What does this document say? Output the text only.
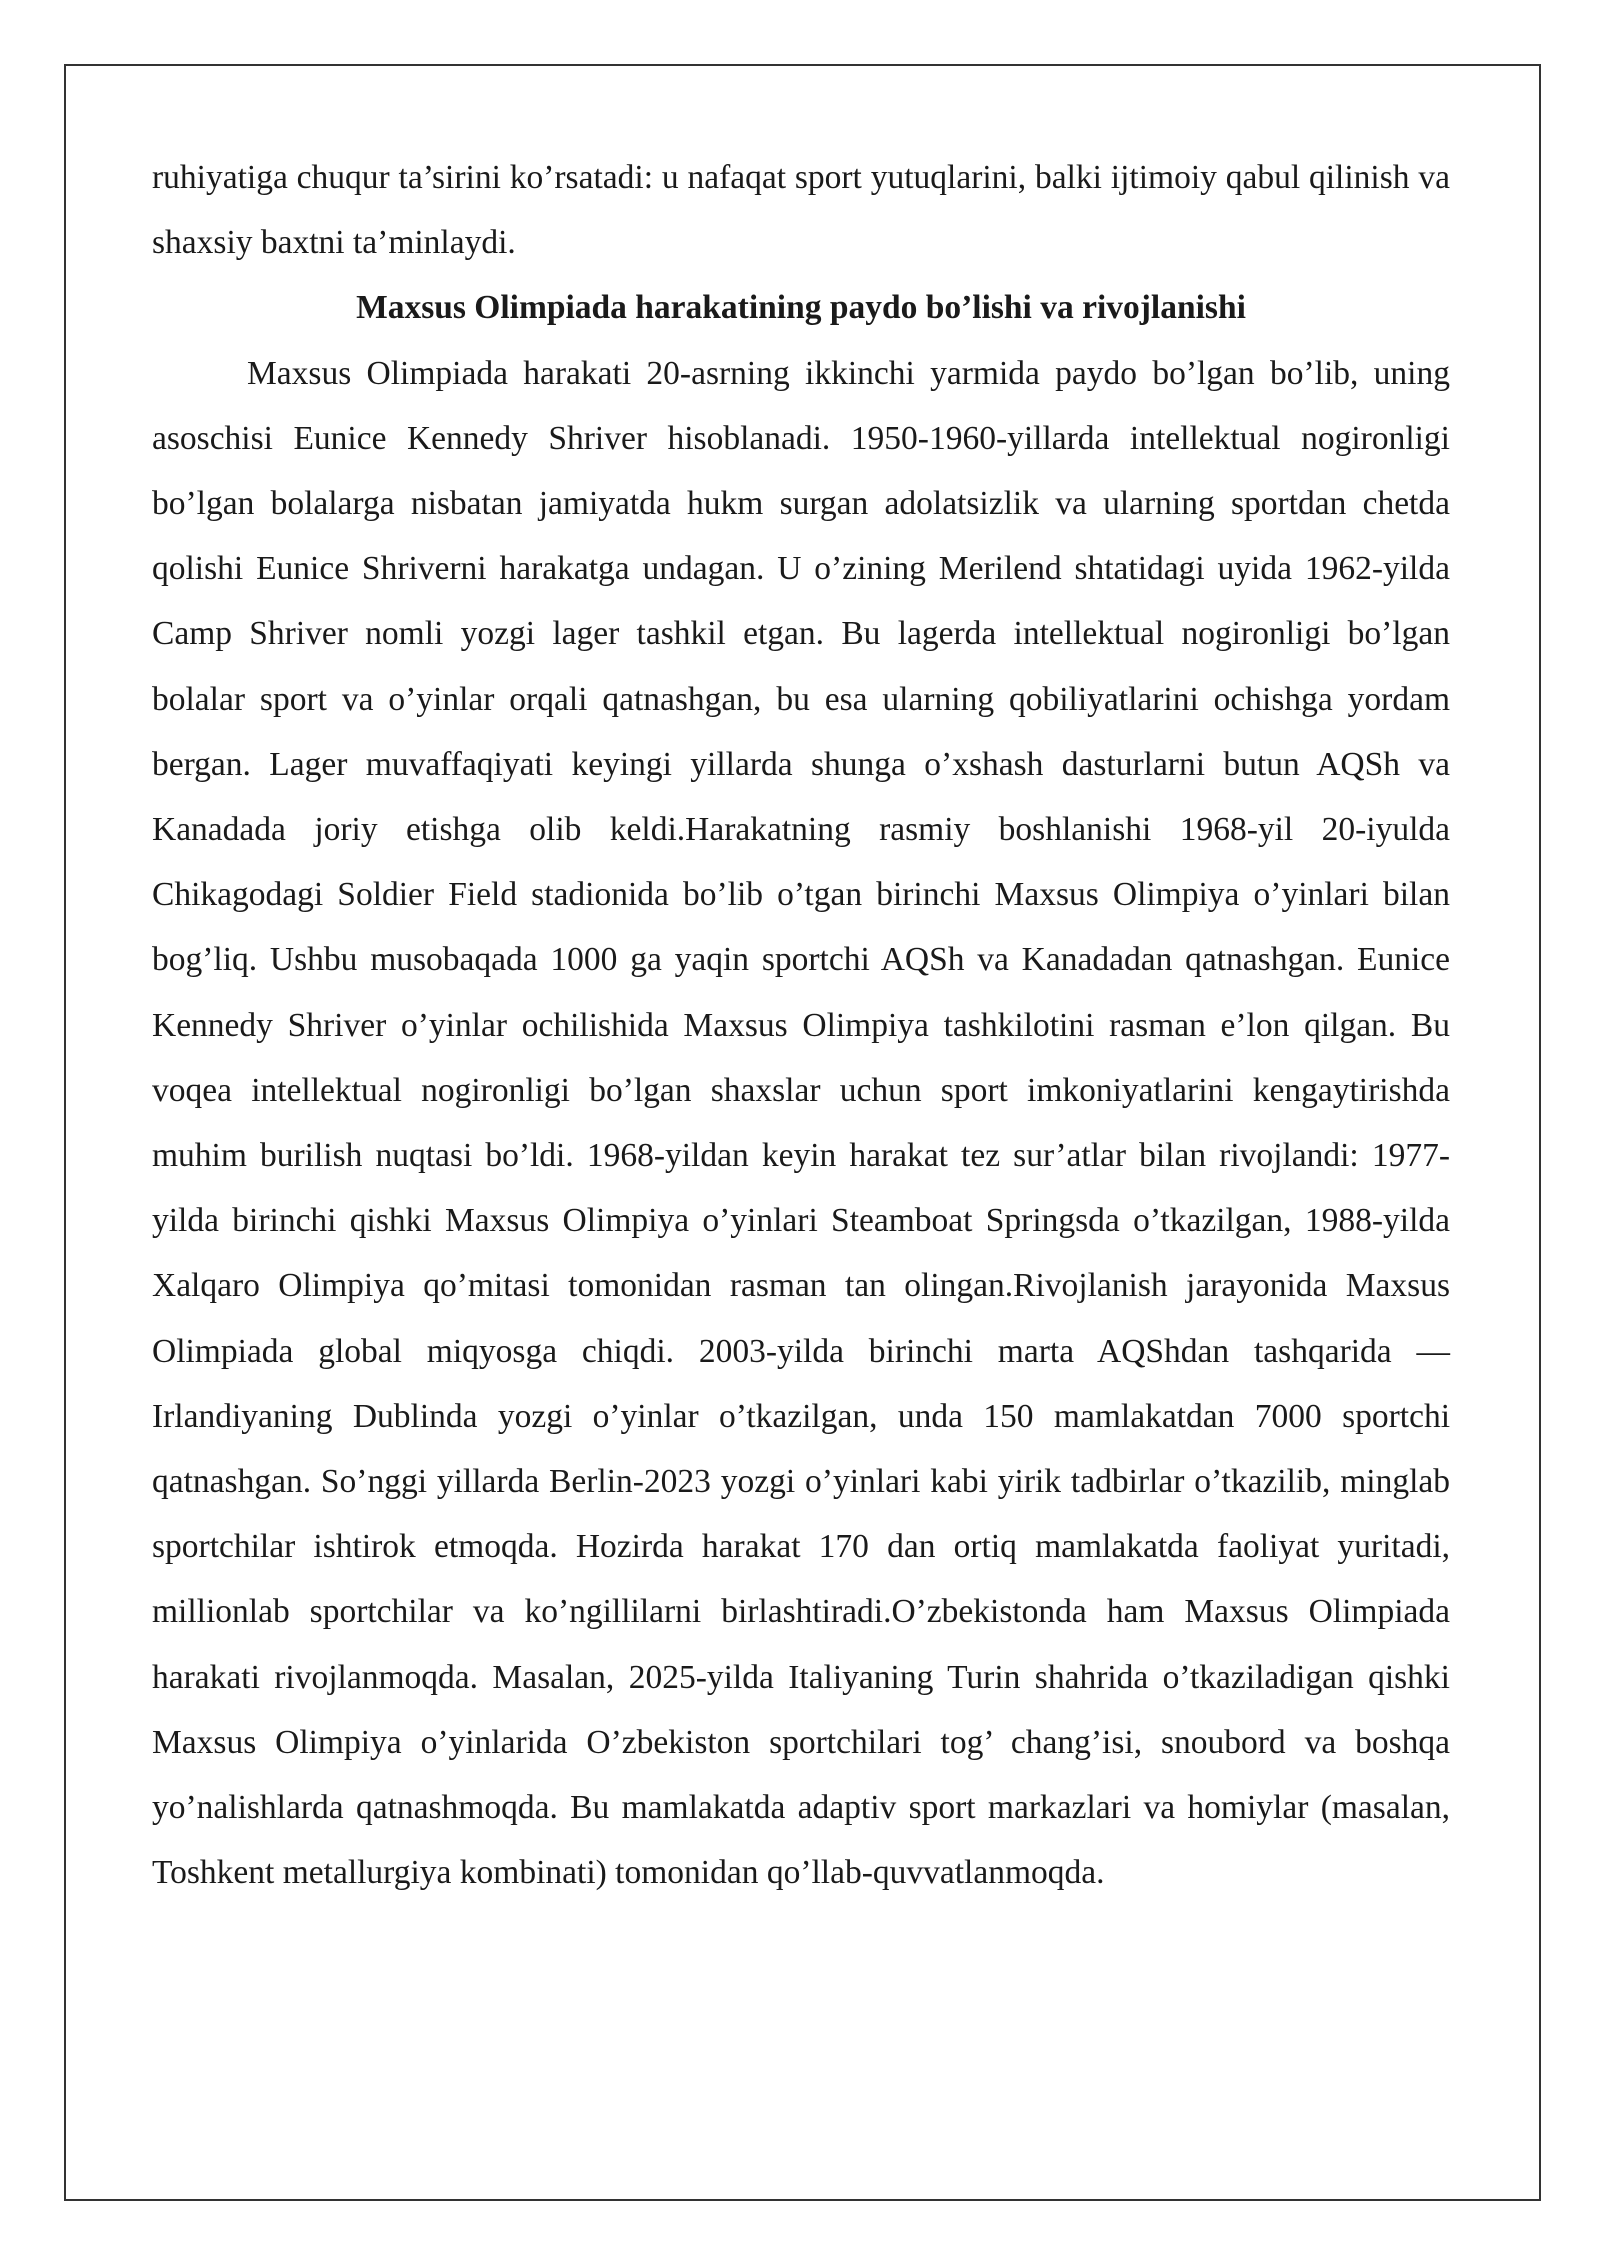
ruhiyatiga chuqur ta’sirini ko’rsatadi: u nafaqat sport yutuqlarini, balki ijtimoiy qabul qilinish va shaxsiy baxtni ta’minlaydi.

Maxsus Olimpiada harakatining paydo bo’lishi va rivojlanishi

Maxsus Olimpiada harakati 20-asrning ikkinchi yarmida paydo bo’lgan bo’lib, uning asoschisi Eunice Kennedy Shriver hisoblanadi. 1950-1960-yillarda intellektual nogironligi bo’lgan bolalarga nisbatan jamiyatda hukm surgan adolatsizlik va ularning sportdan chetda qolishi Eunice Shriverni harakatga undagan. U o’zining Merilend shtatidagi uyida 1962-yilda Camp Shriver nomli yozgi lager tashkil etgan. Bu lagerda intellektual nogironligi bo’lgan bolalar sport va o’yinlar orqali qatnashgan, bu esa ularning qobiliyatlarini ochishga yordam bergan. Lager muvaffaqiyati keyingi yillarda shunga o’xshash dasturlarni butun AQSh va Kanadada joriy etishga olib keldi.Harakatning rasmiy boshlanishi 1968-yil 20-iyulda Chikagodagi Soldier Field stadionida bo’lib o’tgan birinchi Maxsus Olimpiya o’yinlari bilan bog’liq. Ushbu musobaqada 1000 ga yaqin sportchi AQSh va Kanadadan qatnashgan. Eunice Kennedy Shriver o’yinlar ochilishida Maxsus Olimpiya tashkilotini rasman e’lon qilgan. Bu voqea intellektual nogironligi bo’lgan shaxslar uchun sport imkoniyatlarini kengaytirishda muhim burilish nuqtasi bo’ldi. 1968-yildan keyin harakat tez sur’atlar bilan rivojlandi: 1977-yilda birinchi qishki Maxsus Olimpiya o’yinlari Steamboat Springsda o’tkazilgan, 1988-yilda Xalqaro Olimpiya qo’mitasi tomonidan rasman tan olingan.Rivojlanish jarayonida Maxsus Olimpiada global miqyosga chiqdi. 2003-yilda birinchi marta AQShdan tashqarida — Irlandiyaning Dublinda yozgi o’yinlar o’tkazilgan, unda 150 mamlakatdan 7000 sportchi qatnashgan. So’nggi yillarda Berlin-2023 yozgi o’yinlari kabi yirik tadbirlar o’tkazilib, minglab sportchilar ishtirok etmoqda. Hozirda harakat 170 dan ortiq mamlakatda faoliyat yuritadi, millionlab sportchilar va ko’ngillilarni birlashtiradi.O’zbekistonda ham Maxsus Olimpiada harakati rivojlanmoqda. Masalan, 2025-yilda Italiyaning Turin shahrida o’tkaziladigan qishki Maxsus Olimpiya o’yinlarida O’zbekiston sportchilari tog’ chang’isi, snoubord va boshqa yo’nalishlarda qatnashmoqda. Bu mamlakatda adaptiv sport markazlari va homiylar (masalan, Toshkent metallurgiya kombinati) tomonidan qo’llab-quvvatlanmoqda.
